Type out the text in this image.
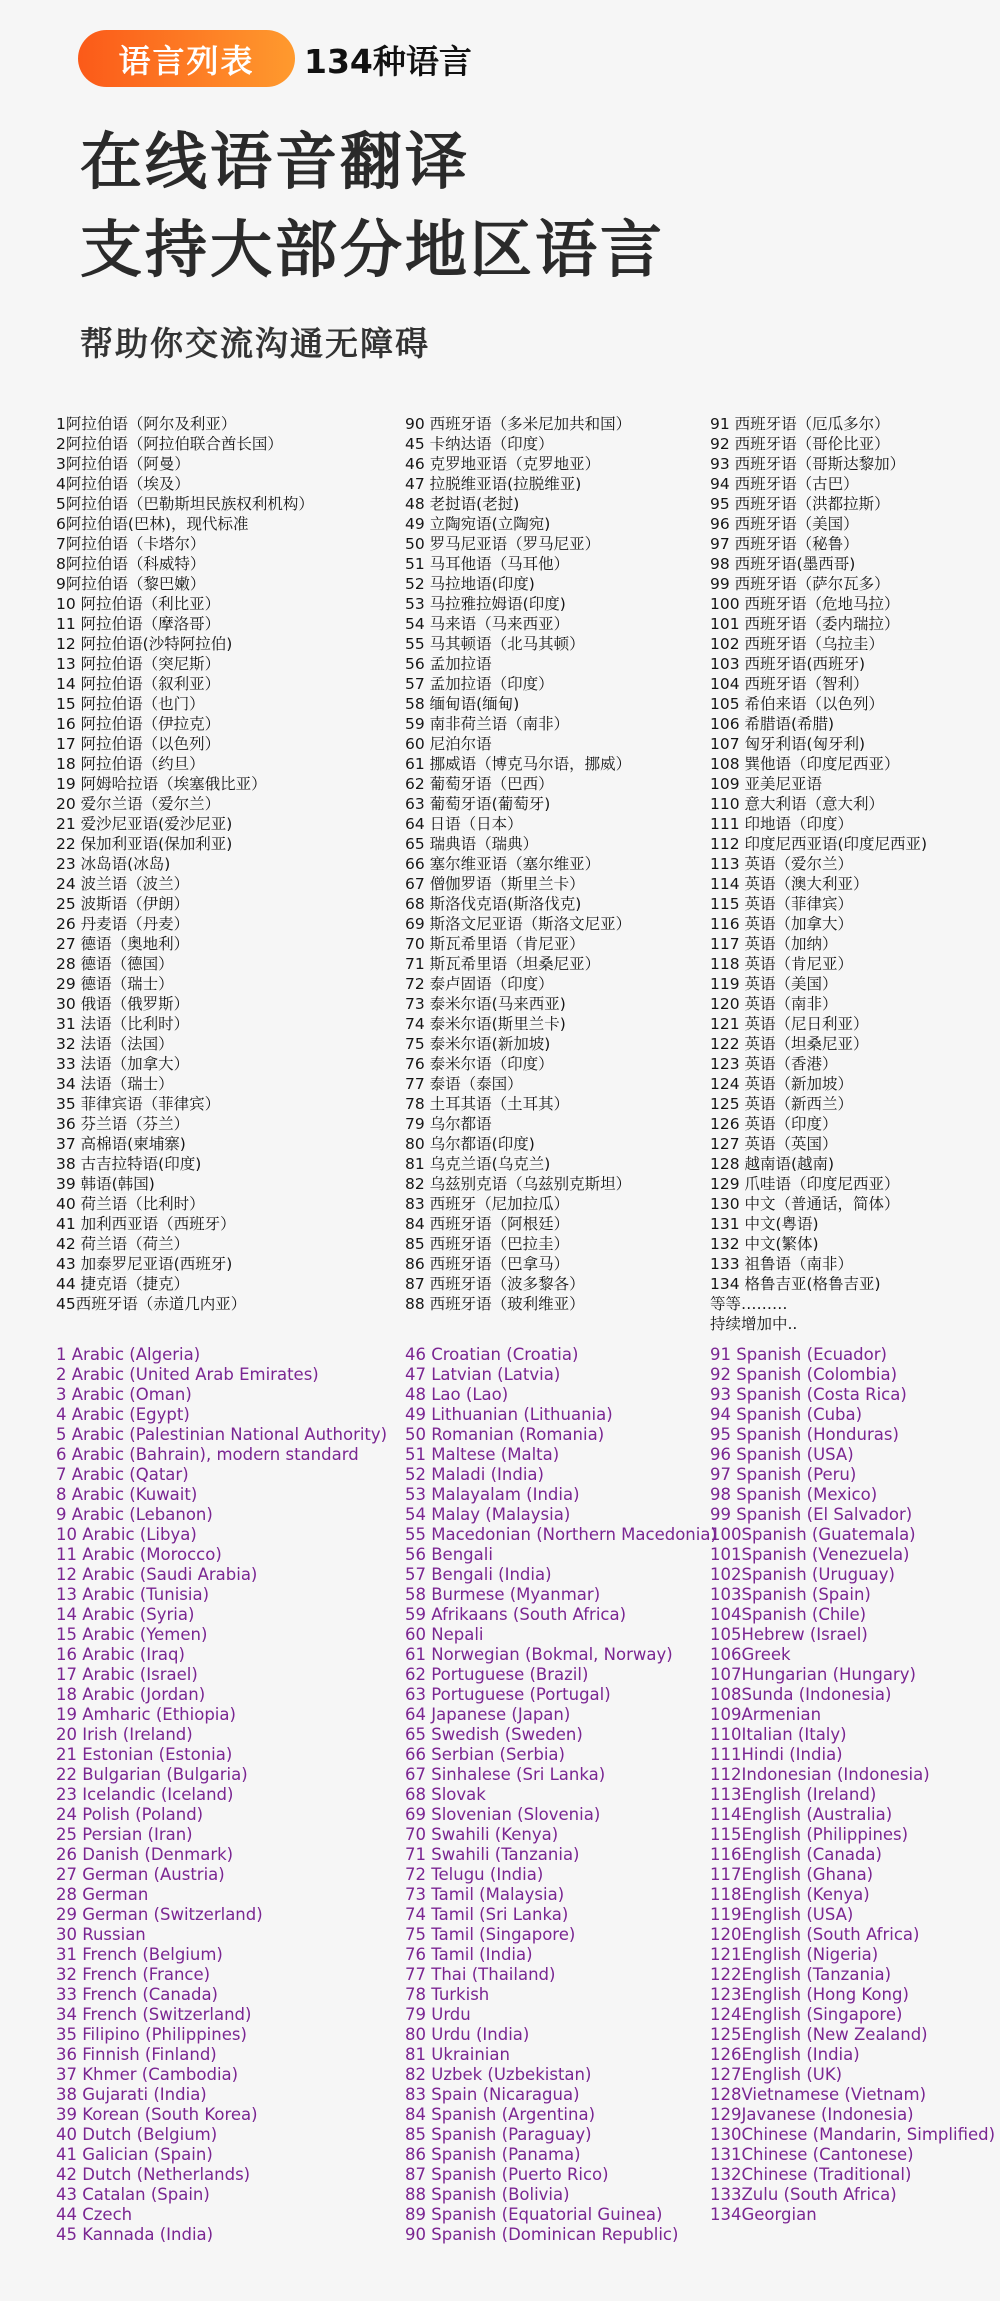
语言列表	134种语言
在线语音翻译
支持大部分地区语言
帮助你交流沟通无障碍
1阿拉伯语（阿尔及利亚）
2阿拉伯语（阿拉伯联合酋长国）
3阿拉伯语（阿曼）
4阿拉伯语（埃及）
5阿拉伯语（巴勒斯坦民族权利机构）
6阿拉伯语(巴林)，现代标准
7阿拉伯语（卡塔尔）
8阿拉伯语（科威特）
9阿拉伯语（黎巴嫩）
10 阿拉伯语（利比亚）
11 阿拉伯语（摩洛哥）
12 阿拉伯语(沙特阿拉伯)
13 阿拉伯语（突尼斯）
14 阿拉伯语（叙利亚）
15 阿拉伯语（也门）
16 阿拉伯语（伊拉克）
17 阿拉伯语（以色列）
18 阿拉伯语（约旦）
19 阿姆哈拉语（埃塞俄比亚）
20 爱尔兰语（爱尔兰）
21 爱沙尼亚语(爱沙尼亚)
22 保加利亚语(保加利亚)
23 冰岛语(冰岛)
24 波兰语（波兰）
25 波斯语（伊朗）
26 丹麦语（丹麦）
27 德语（奥地利）
28 德语（德国）
29 德语（瑞士）
30 俄语（俄罗斯）
31 法语（比利时）
32 法语（法国）
33 法语（加拿大）
34 法语（瑞士）
35 菲律宾语（菲律宾）
36 芬兰语（芬兰）
37 高棉语(柬埔寨)
38 古吉拉特语(印度)
39 韩语(韩国)
40 荷兰语（比利时）
41 加利西亚语（西班牙）
42 荷兰语（荷兰）
43 加泰罗尼亚语(西班牙)
44 捷克语（捷克）
45西班牙语（赤道几内亚）
90 西班牙语（多米尼加共和国）
45 卡纳达语（印度）
46 克罗地亚语（克罗地亚）
47 拉脱维亚语(拉脱维亚)
48 老挝语(老挝)
49 立陶宛语(立陶宛)
50 罗马尼亚语（罗马尼亚）
51 马耳他语（马耳他）
52 马拉地语(印度)
53 马拉雅拉姆语(印度)
54 马来语（马来西亚）
55 马其顿语（北马其顿）
56 孟加拉语
57 孟加拉语（印度）
58 缅甸语(缅甸)
59 南非荷兰语（南非）
60 尼泊尔语
61 挪威语（博克马尔语，挪威）
62 葡萄牙语（巴西）
63 葡萄牙语(葡萄牙)
64 日语（日本）
65 瑞典语（瑞典）
66 塞尔维亚语（塞尔维亚）
67 僧伽罗语（斯里兰卡）
68 斯洛伐克语(斯洛伐克)
69 斯洛文尼亚语（斯洛文尼亚）
70 斯瓦希里语（肯尼亚）
71 斯瓦希里语（坦桑尼亚）
72 泰卢固语（印度）
73 泰米尔语(马来西亚)
74 泰米尔语(斯里兰卡)
75 泰米尔语(新加坡)
76 泰米尔语（印度）
77 泰语（泰国）
78 土耳其语（土耳其）
79 乌尔都语
80 乌尔都语(印度)
81 乌克兰语(乌克兰)
82 乌兹别克语（乌兹别克斯坦）
83 西班牙（尼加拉瓜）
84 西班牙语（阿根廷）
85 西班牙语（巴拉圭）
86 西班牙语（巴拿马）
87 西班牙语（波多黎各）
88 西班牙语（玻利维亚）
91 西班牙语（厄瓜多尔）
92 西班牙语（哥伦比亚）
93 西班牙语（哥斯达黎加）
94 西班牙语（古巴）
95 西班牙语（洪都拉斯）
96 西班牙语（美国）
97 西班牙语（秘鲁）
98 西班牙语(墨西哥)
99 西班牙语（萨尔瓦多）
100 西班牙语（危地马拉）
101 西班牙语（委内瑞拉）
102 西班牙语（乌拉圭）
103 西班牙语(西班牙)
104 西班牙语（智利）
105 希伯来语（以色列）
106 希腊语(希腊)
107 匈牙利语(匈牙利)
108 巽他语（印度尼西亚）
109 亚美尼亚语
110 意大利语（意大利）
111 印地语（印度）
112 印度尼西亚语(印度尼西亚)
113 英语（爱尔兰）
114 英语（澳大利亚）
115 英语（菲律宾）
116 英语（加拿大）
117 英语（加纳）
118 英语（肯尼亚）
119 英语（美国）
120 英语（南非）
121 英语（尼日利亚）
122 英语（坦桑尼亚）
123 英语（香港）
124 英语（新加坡）
125 英语（新西兰）
126 英语（印度）
127 英语（英国）
128 越南语(越南)
129 爪哇语（印度尼西亚）
130 中文（普通话，简体）
131 中文(粤语)
132 中文(繁体)
133 祖鲁语（南非）
134 格鲁吉亚(格鲁吉亚)
等等………
持续增加中..
1 Arabic (Algeria)
2 Arabic (United Arab Emirates)
3 Arabic (Oman)
4 Arabic (Egypt)
5 Arabic (Palestinian National Authority)
6 Arabic (Bahrain), modern standard
7 Arabic (Qatar)
8 Arabic (Kuwait)
9 Arabic (Lebanon)
10 Arabic (Libya)
11 Arabic (Morocco)
12 Arabic (Saudi Arabia)
13 Arabic (Tunisia)
14 Arabic (Syria)
15 Arabic (Yemen)
16 Arabic (Iraq)
17 Arabic (Israel)
18 Arabic (Jordan)
19 Amharic (Ethiopia)
20 Irish (Ireland)
21 Estonian (Estonia)
22 Bulgarian (Bulgaria)
23 Icelandic (Iceland)
24 Polish (Poland)
25 Persian (Iran)
26 Danish (Denmark)
27 German (Austria)
28 German
29 German (Switzerland)
30 Russian
31 French (Belgium)
32 French (France)
33 French (Canada)
34 French (Switzerland)
35 Filipino (Philippines)
36 Finnish (Finland)
37 Khmer (Cambodia)
38 Gujarati (India)
39 Korean (South Korea)
40 Dutch (Belgium)
41 Galician (Spain)
42 Dutch (Netherlands)
43 Catalan (Spain)
44 Czech
45 Kannada (India)
46 Croatian (Croatia)
47 Latvian (Latvia)
48 Lao (Lao)
49 Lithuanian (Lithuania)
50 Romanian (Romania)
51 Maltese (Malta)
52 Maladi (India)
53 Malayalam (India)
54 Malay (Malaysia)
55 Macedonian (Northern Macedonia)
56 Bengali
57 Bengali (India)
58 Burmese (Myanmar)
59 Afrikaans (South Africa)
60 Nepali
61 Norwegian (Bokmal, Norway)
62 Portuguese (Brazil)
63 Portuguese (Portugal)
64 Japanese (Japan)
65 Swedish (Sweden)
66 Serbian (Serbia)
67 Sinhalese (Sri Lanka)
68 Slovak
69 Slovenian (Slovenia)
70 Swahili (Kenya)
71 Swahili (Tanzania)
72 Telugu (India)
73 Tamil (Malaysia)
74 Tamil (Sri Lanka)
75 Tamil (Singapore)
76 Tamil (India)
77 Thai (Thailand)
78 Turkish
79 Urdu
80 Urdu (India)
81 Ukrainian
82 Uzbek (Uzbekistan)
83 Spain (Nicaragua)
84 Spanish (Argentina)
85 Spanish (Paraguay)
86 Spanish (Panama)
87 Spanish (Puerto Rico)
88 Spanish (Bolivia)
89 Spanish (Equatorial Guinea)
90 Spanish (Dominican Republic)
91 Spanish (Ecuador)
92 Spanish (Colombia)
93 Spanish (Costa Rica)
94 Spanish (Cuba)
95 Spanish (Honduras)
96 Spanish (USA)
97 Spanish (Peru)
98 Spanish (Mexico)
99 Spanish (El Salvador)
100Spanish (Guatemala)
101Spanish (Venezuela)
102Spanish (Uruguay)
103Spanish (Spain)
104Spanish (Chile)
105Hebrew (Israel)
106Greek
107Hungarian (Hungary)
108Sunda (Indonesia)
109Armenian
110Italian (Italy)
111Hindi (India)
112Indonesian (Indonesia)
113English (Ireland)
114English (Australia)
115English (Philippines)
116English (Canada)
117English (Ghana)
118English (Kenya)
119English (USA)
120English (South Africa)
121English (Nigeria)
122English (Tanzania)
123English (Hong Kong)
124English (Singapore)
125English (New Zealand)
126English (India)
127English (UK)
128Vietnamese (Vietnam)
129Javanese (Indonesia)
130Chinese (Mandarin, Simplified)
131Chinese (Cantonese)
132Chinese (Traditional)
133Zulu (South Africa)
134Georgian
